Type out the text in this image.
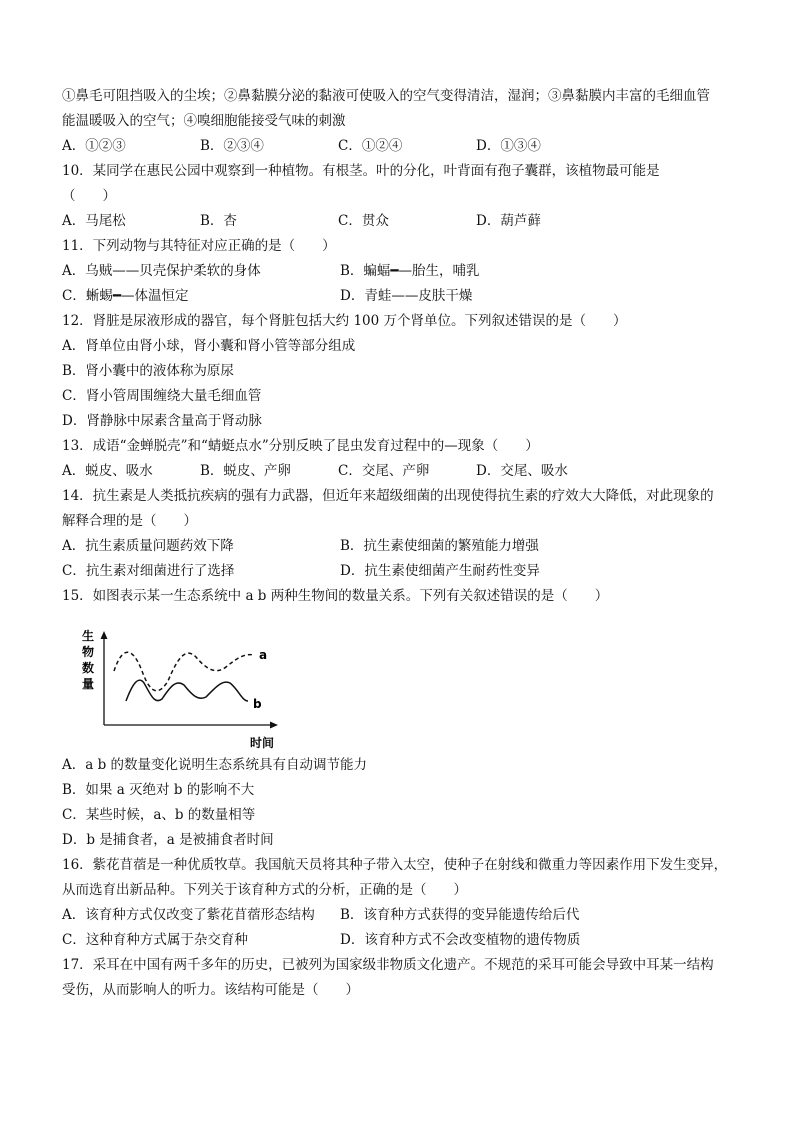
①鼻毛可阻挡吸入的尘埃；②鼻黏膜分泌的黏液可使吸入的空气变得清洁，湿润；③鼻黏膜内丰富的毛细血管
能温暖吸入的空气；④嗅细胞能接受气味的刺激
A．①②③	B．②③④	C．①②④	D．①③④
10．某同学在惠民公园中观察到一种植物。有根茎。叶的分化，叶背面有孢子囊群，该植物最可能是
（　　）
A．马尾松	B．杏	C．贯众	D．葫芦藓
11．下列动物与其特征对应正确的是（　　）
A．乌贼——贝壳保护柔软的身体	B．蝙蝠━—胎生，哺乳
C．蜥蜴━—体温恒定	D．青蛙——皮肤干燥
12．肾脏是尿液形成的器官，每个肾脏包括大约 100 万个肾单位。下列叙述错误的是（　　）
A．肾单位由肾小球，肾小囊和肾小管等部分组成
B．肾小囊中的液体称为原尿
C．肾小管周围缠绕大量毛细血管
D．肾静脉中尿素含量高于肾动脉
13．成语“金蝉脱壳”和“蜻蜓点水”分别反映了昆虫发育过程中的—现象（　　）
A．蜕皮、吸水	B．蜕皮、产卵	C．交尾、产卵	D．交尾、吸水
14．抗生素是人类抵抗疾病的强有力武器，但近年来超级细菌的出现使得抗生素的疗效大大降低，对此现象的
解释合理的是（　　）
A．抗生素质量问题药效下降	B．抗生素使细菌的繁殖能力增强
C．抗生素对细菌进行了选择	D．抗生素使细菌产生耐药性变异
15．如图表示某一生态系统中 a b 两种生物间的数量关系。下列有关叙述错误的是（　　）
生
物
数
量
a
b
时间
A．a b 的数量变化说明生态系统具有自动调节能力
B．如果 a 灭绝对 b 的影响不大
C．某些时候，a、b 的数量相等
D．b 是捕食者，a 是被捕食者时间
16．紫花苜蓿是一种优质牧草。我国航天员将其种子带入太空，使种子在射线和微重力等因素作用下发生变异，
从而选育出新品种。下列关于该育种方式的分析，正确的是（　　）
A．该育种方式仅改变了紫花苜蓿形态结构	B．该育种方式获得的变异能遗传给后代
C．这种育种方式属于杂交育种	D．该育种方式不会改变植物的遗传物质
17．采耳在中国有两千多年的历史，已被列为国家级非物质文化遗产。不规范的采耳可能会导致中耳某一结构
受伤，从而影响人的听力。该结构可能是（　　）
